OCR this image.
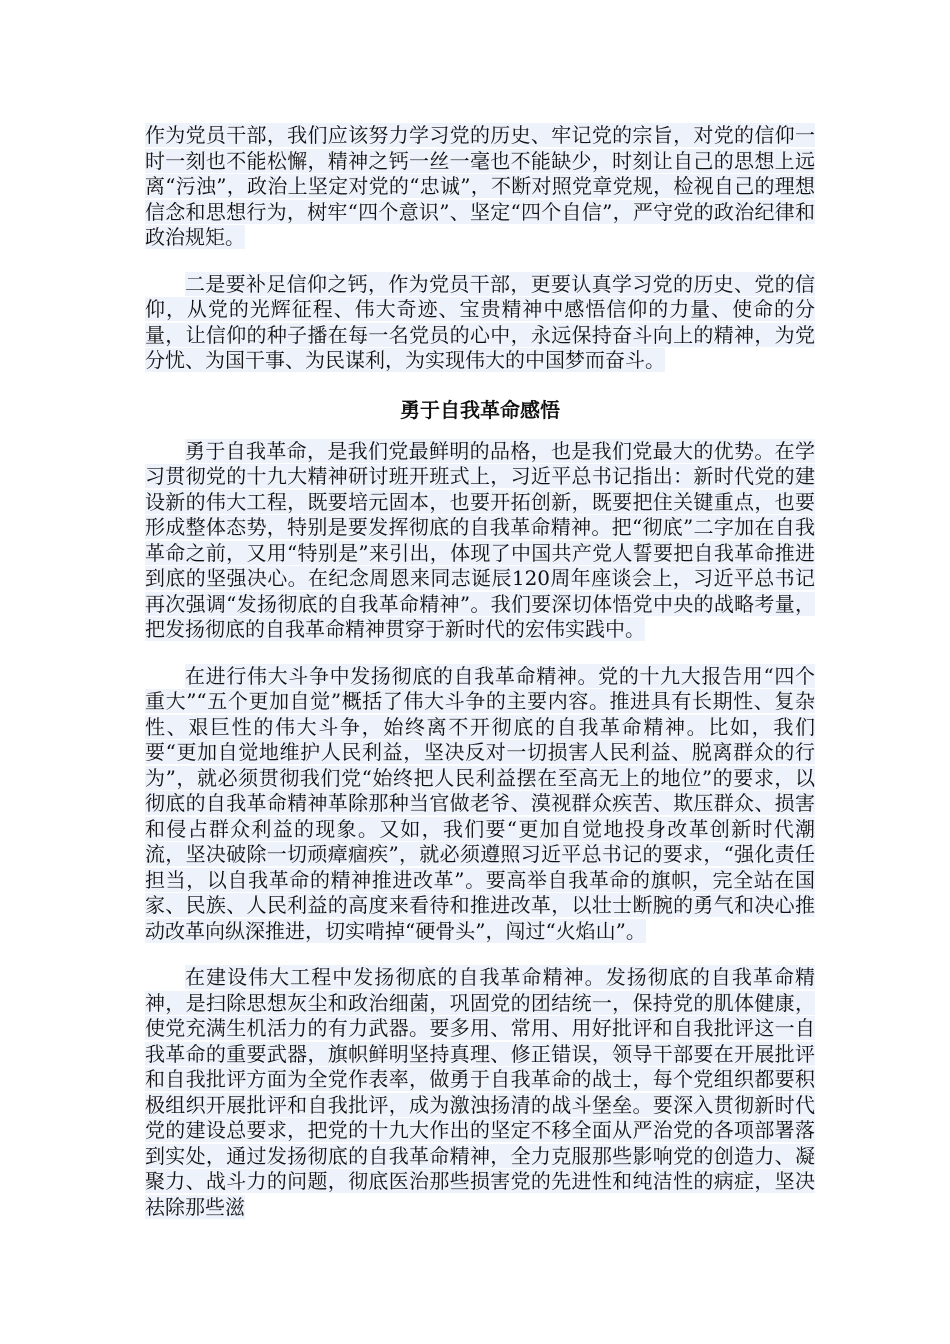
作为党员干部，我们应该努力学习党的历史、牢记党的宗旨，对党的信仰一时一刻也不能松懈，精神之钙一丝一毫也不能缺少，时刻让自己的思想上远离“污浊”，政治上坚定对党的“忠诚”，不断对照党章党规，检视自己的理想信念和思想行为，树牢“四个意识”、坚定“四个自信”，严守党的政治纪律和政治规矩。

二是要补足信仰之钙，作为党员干部，更要认真学习党的历史、党的信仰，从党的光辉征程、伟大奇迹、宝贵精神中感悟信仰的力量、使命的分量，让信仰的种子播在每一名党员的心中，永远保持奋斗向上的精神，为党分忧、为国干事、为民谋利，为实现伟大的中国梦而奋斗。

勇于自我革命感悟

勇于自我革命，是我们党最鲜明的品格，也是我们党最大的优势。在学习贯彻党的十九大精神研讨班开班式上，习近平总书记指出：新时代党的建设新的伟大工程，既要培元固本，也要开拓创新，既要把住关键重点，也要形成整体态势，特别是要发挥彻底的自我革命精神。把“彻底”二字加在自我革命之前，又用“特别是”来引出，体现了中国共产党人誓要把自我革命推进到底的坚强决心。在纪念周恩来同志诞辰120周年座谈会上，习近平总书记再次强调“发扬彻底的自我革命精神”。我们要深切体悟党中央的战略考量，把发扬彻底的自我革命精神贯穿于新时代的宏伟实践中。

在进行伟大斗争中发扬彻底的自我革命精神。党的十九大报告用“四个重大”“五个更加自觉”概括了伟大斗争的主要内容。推进具有长期性、复杂性、艰巨性的伟大斗争，始终离不开彻底的自我革命精神。比如，我们要“更加自觉地维护人民利益，坚决反对一切损害人民利益、脱离群众的行为”，就必须贯彻我们党“始终把人民利益摆在至高无上的地位”的要求，以彻底的自我革命精神革除那种当官做老爷、漠视群众疾苦、欺压群众、损害和侵占群众利益的现象。又如，我们要“更加自觉地投身改革创新时代潮流，坚决破除一切顽瘴痼疾”，就必须遵照习近平总书记的要求，“强化责任担当，以自我革命的精神推进改革”。要高举自我革命的旗帜，完全站在国家、民族、人民利益的高度来看待和推进改革，以壮士断腕的勇气和决心推动改革向纵深推进，切实啃掉“硬骨头”，闯过“火焰山”。

在建设伟大工程中发扬彻底的自我革命精神。发扬彻底的自我革命精神，是扫除思想灰尘和政治细菌，巩固党的团结统一，保持党的肌体健康，使党充满生机活力的有力武器。要多用、常用、用好批评和自我批评这一自我革命的重要武器，旗帜鲜明坚持真理、修正错误，领导干部要在开展批评和自我批评方面为全党作表率，做勇于自我革命的战士，每个党组织都要积极组织开展批评和自我批评，成为激浊扬清的战斗堡垒。要深入贯彻新时代党的建设总要求，把党的十九大作出的坚定不移全面从严治党的各项部署落到实处，通过发扬彻底的自我革命精神，全力克服那些影响党的创造力、凝聚力、战斗力的问题，彻底医治那些损害党的先进性和纯洁性的病症，坚决祛除那些滋
